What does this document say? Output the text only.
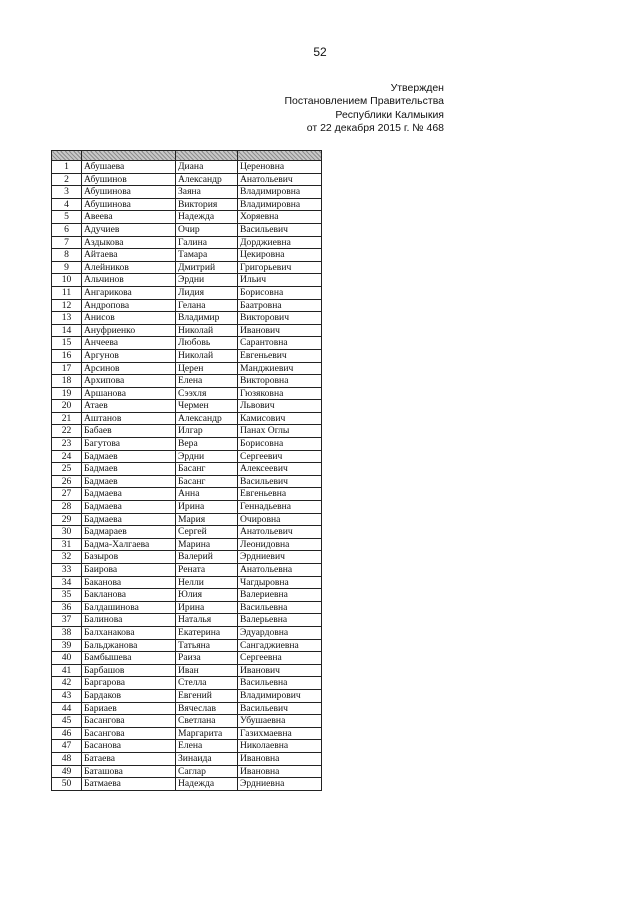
52
Утвержден
Постановлением Правительства
Республики Калмыкия
от 22 декабря 2015 г. № 468

1	Абушаева	Диана	Цереновна
2	Абушинов	Александр	Анатольевич
3	Абушинова	Заяна	Владимировна
4	Абушинова	Виктория	Владимировна
5	Авеева	Надежда	Хоряевна
6	Адучиев	Очир	Васильевич
7	Аздыкова	Галина	Дорджиевна
8	Айтаева	Тамара	Цекировна
9	Алейников	Дмитрий	Григорьевич
10	Альчинов	Эрдни	Ильич
11	Ангарикова	Лидия	Борисовна
12	Андропова	Гелана	Баатровна
13	Анисов	Владимир	Викторович
14	Ануфриенко	Николай	Иванович
15	Анчеева	Любовь	Сарантовна
16	Аргунов	Николай	Евгеньевич
17	Арсинов	Церен	Манджиевич
18	Архипова	Елена	Викторовна
19	Аршанова	Сээхля	Гюзяковна
20	Атаев	Чермен	Львович
21	Аштанов	Александр	Камисович
22	Бабаев	Илгар	Панах Оглы
23	Багутова	Вера	Борисовна
24	Бадмаев	Эрдни	Сергеевич
25	Бадмаев	Басанг	Алексеевич
26	Бадмаев	Басанг	Васильевич
27	Бадмаева	Анна	Евгеньевна
28	Бадмаева	Ирина	Геннадьевна
29	Бадмаева	Мария	Очировна
30	Бадмараев	Сергей	Анатольевич
31	Бадма-Халгаева	Марина	Леонидовна
32	Базыров	Валерий	Эрдниевич
33	Баирова	Рената	Анатольевна
34	Баканова	Нелли	Чагдыровна
35	Бакланова	Юлия	Валериевна
36	Балдашинова	Ирина	Васильевна
37	Балинова	Наталья	Валерьевна
38	Балханакова	Екатерина	Эдуардовна
39	Бальджанова	Татьяна	Сангаджиевна
40	Бамбышева	Раиза	Сергеевна
41	Барбашов	Иван	Иванович
42	Баргарова	Стелла	Васильевна
43	Бардаков	Евгений	Владимирович
44	Бариаев	Вячеслав	Васильевич
45	Басангова	Светлана	Убушаевна
46	Басангова	Маргарита	Газихмаевна
47	Басанова	Елена	Николаевна
48	Батаева	Зинаида	Ивановна
49	Баташова	Саглар	Ивановна
50	Батмаева	Надежда	Эрдниевна
